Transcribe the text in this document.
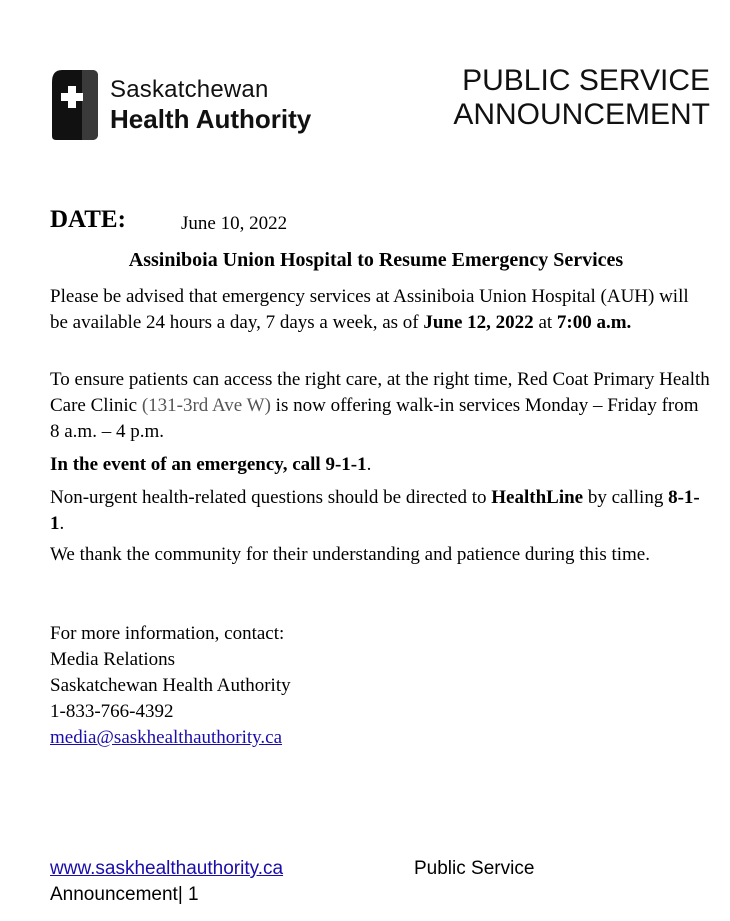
Saskatchewan
Health Authority
PUBLIC SERVICE
ANNOUNCEMENT
DATE:	June 10, 2022
Assiniboia Union Hospital to Resume Emergency Services
Please be advised that emergency services at Assiniboia Union Hospital (AUH) will be available 24 hours a day, 7 days a week, as of June 12, 2022 at 7:00 a.m.
To ensure patients can access the right care, at the right time, Red Coat Primary Health Care Clinic (131-3rd Ave W) is now offering walk-in services Monday – Friday from 8 a.m. – 4 p.m.
In the event of an emergency, call 9-1-1.
Non-urgent health-related questions should be directed to HealthLine by calling 8-1-1.
We thank the community for their understanding and patience during this time.
For more information, contact:
Media Relations
Saskatchewan Health Authority
1-833-766-4392
media@saskhealthauthority.ca
www.saskhealthauthority.ca	Public Service
Announcement| 1
